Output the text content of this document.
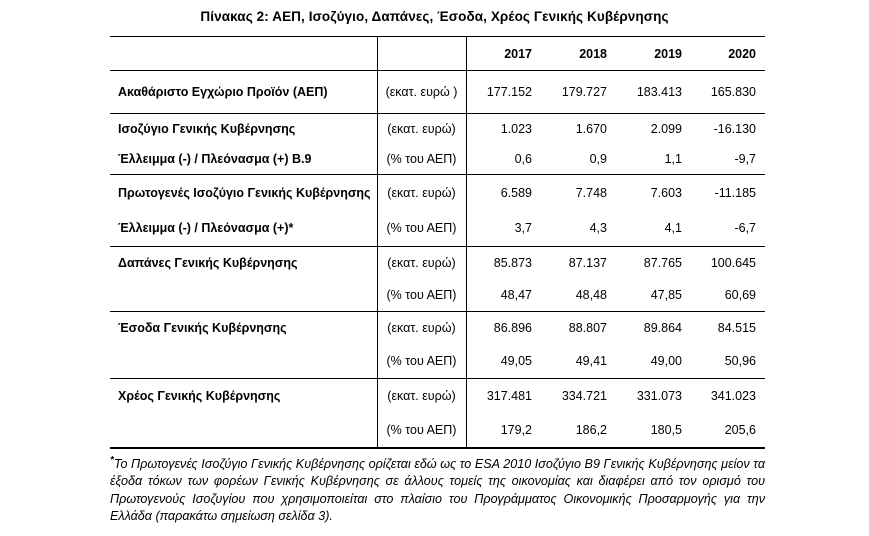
Πίνακας 2: ΑΕΠ, Ισοζύγιο, Δαπάνες, Έσοδα, Χρέος Γενικής Κυβέρνησης
		2017	2018	2019	2020
Ακαθάριστο Εγχώριο Προϊόν (ΑΕΠ)	(εκατ. ευρώ )	177.152	179.727	183.413	165.830
Ισοζύγιο Γενικής Κυβέρνησης	(εκατ. ευρώ)	1.023	1.670	2.099	-16.130
Έλλειμμα (-) / Πλεόνασμα (+) Β.9	(% του ΑΕΠ)	0,6	0,9	1,1	-9,7
Πρωτογενές Ισοζύγιο Γενικής Κυβέρνησης	(εκατ. ευρώ)	6.589	7.748	7.603	-11.185
Έλλειμμα (-) / Πλεόνασμα (+)*	(% του ΑΕΠ)	3,7	4,3	4,1	-6,7
Δαπάνες Γενικής Κυβέρνησης	(εκατ. ευρώ)	85.873	87.137	87.765	100.645
	(% του ΑΕΠ)	48,47	48,48	47,85	60,69
Έσοδα Γενικής Κυβέρνησης	(εκατ. ευρώ)	86.896	88.807	89.864	84.515
	(% του ΑΕΠ)	49,05	49,41	49,00	50,96
Χρέος Γενικής Κυβέρνησης	(εκατ. ευρώ)	317.481	334.721	331.073	341.023
	(% του ΑΕΠ)	179,2	186,2	180,5	205,6

*Το Πρωτογενές Ισοζύγιο Γενικής Κυβέρνησης ορίζεται εδώ ως το ESA 2010 Ισοζύγιο Β9 Γενικής Κυβέρνησης μείον τα έξοδα τόκων των φορέων Γενικής Κυβέρνησης σε άλλους τομείς της οικονομίας και διαφέρει από τον ορισμό του Πρωτογενούς Ισοζυγίου που χρησιμοποιείται στο πλαίσιο του Προγράμματος Οικονομικής Προσαρμογής για την Ελλάδα (παρακάτω σημείωση σελίδα 3).
